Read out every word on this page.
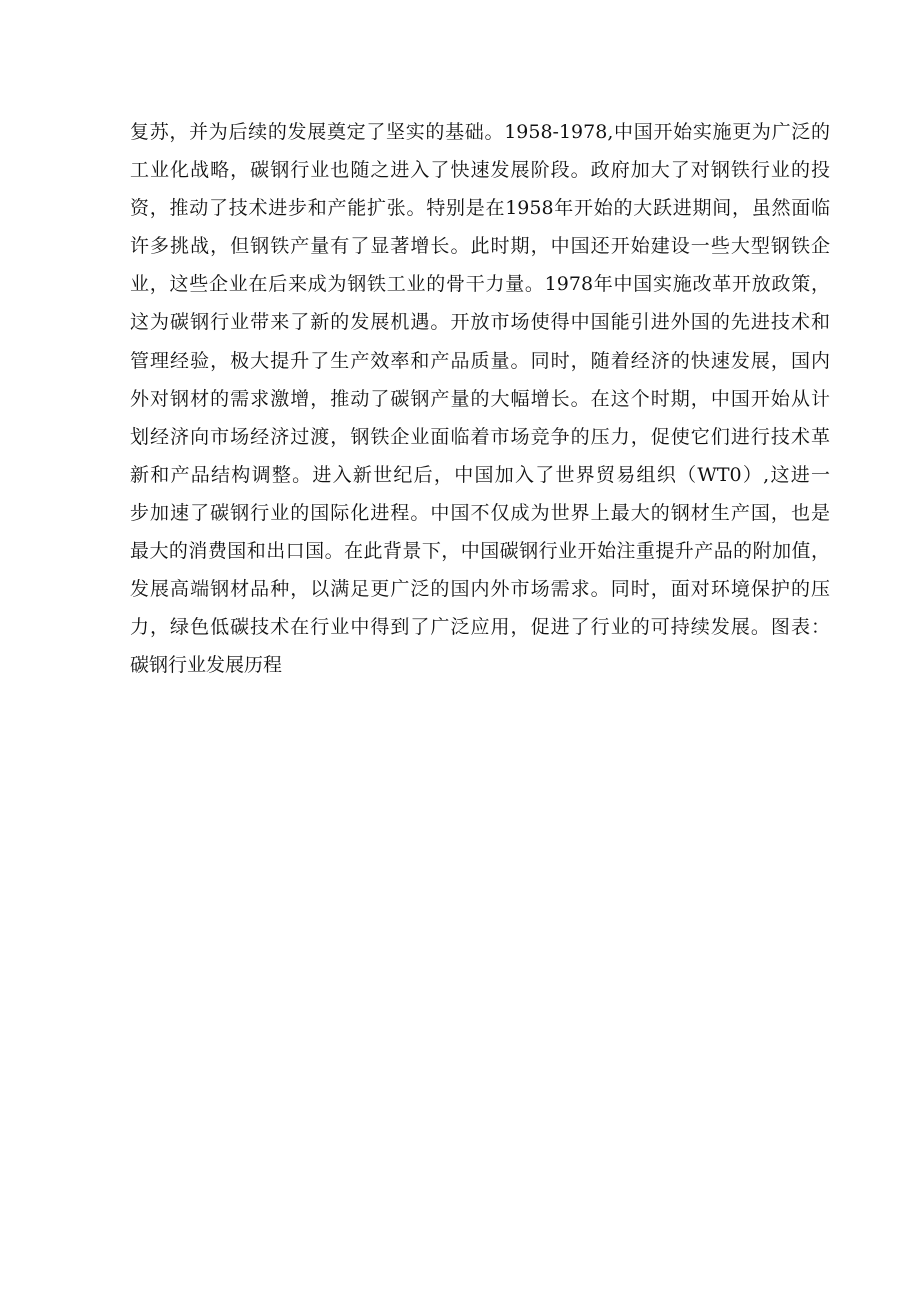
复苏，并为后续的发展奠定了坚实的基础。1958-1978,中国开始实施更为广泛的
工业化战略，碳钢行业也随之进入了快速发展阶段。政府加大了对钢铁行业的投
资，推动了技术进步和产能扩张。特别是在1958年开始的大跃进期间，虽然面临
许多挑战，但钢铁产量有了显著增长。此时期，中国还开始建设一些大型钢铁企
业，这些企业在后来成为钢铁工业的骨干力量。1978年中国实施改革开放政策，
这为碳钢行业带来了新的发展机遇。开放市场使得中国能引进外国的先进技术和
管理经验，极大提升了生产效率和产品质量。同时，随着经济的快速发展，国内
外对钢材的需求激增，推动了碳钢产量的大幅增长。在这个时期，中国开始从计
划经济向市场经济过渡，钢铁企业面临着市场竞争的压力，促使它们进行技术革
新和产品结构调整。进入新世纪后，中国加入了世界贸易组织（WT0）,这进一
步加速了碳钢行业的国际化进程。中国不仅成为世界上最大的钢材生产国，也是
最大的消费国和出口国。在此背景下，中国碳钢行业开始注重提升产品的附加值，
发展高端钢材品种，以满足更广泛的国内外市场需求。同时，面对环境保护的压
力，绿色低碳技术在行业中得到了广泛应用，促进了行业的可持续发展。图表：
碳钢行业发展历程
